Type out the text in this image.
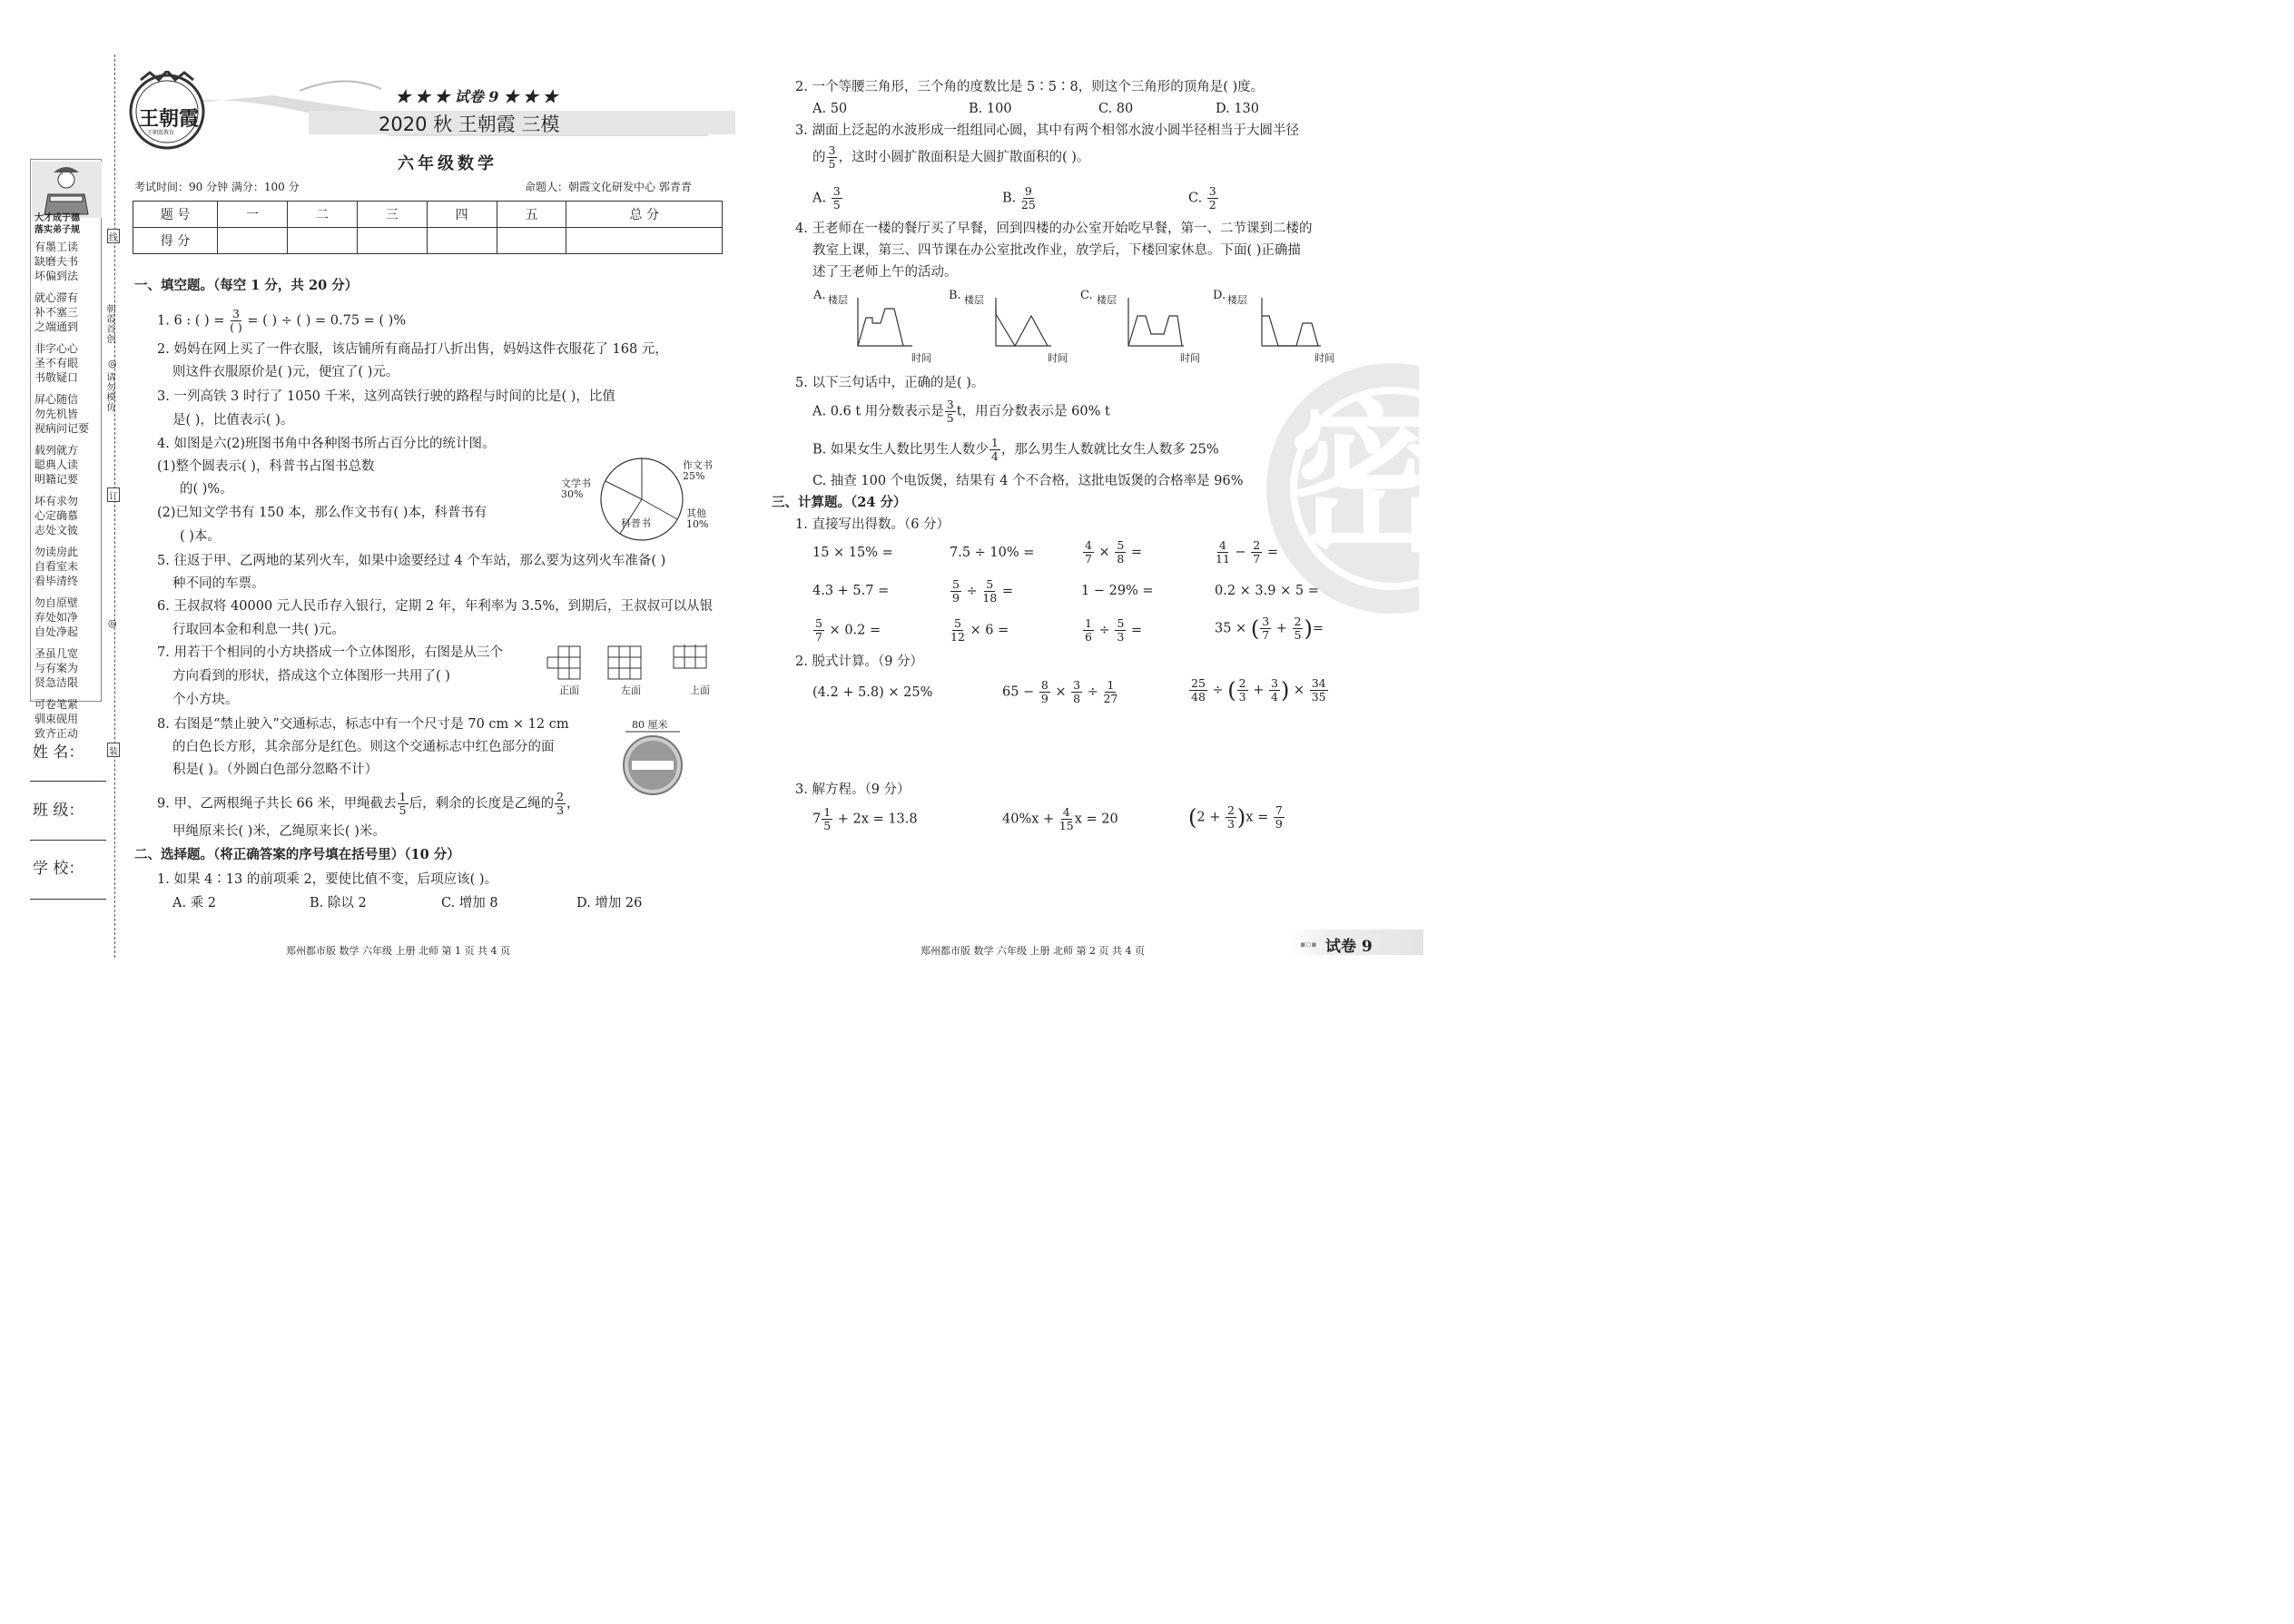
大才成于德
落实弟子规
有墨工读
缺磨夫书
坏偏到法
就心滞有
补不塞三
之端通到
非字心心
圣不有眼
书敬疑口
屏心随信
勿先机皆
视病问记要
载列就方
聪典人读
明籍记要
坏有求勿
心定确慕
志处文彼
勿读房此
自看室未
看毕清终
勿自原壁
弃处如净
自处净起
圣虽几宽
与有案为
贤急洁限
可卷笔紧
驯束砚用
致齐正动
线
订
装
朝霞首创
请勿模仿
◎
◎
姓 名：
班 级：
学 校：
王朝霞
王朝霞教育
★ ★ ★ 试卷 9 ★ ★ ★
2020 秋 王朝霞 三模
六年级数学
考试时间：90 分钟 满分：100 分	命题人：朝霞文化研发中心 郭青青
题 号	一	二	三	四	五	总 分
得 分						
一、填空题。（每空 1 分，共 20 分）
1. 6 : ( ) = $\frac{3}{( )}$ = ( ) ÷ ( ) = 0.75 = ( )%
2. 妈妈在网上买了一件衣服，该店铺所有商品打八折出售，妈妈这件衣服花了 168 元，
则这件衣服原价是( )元，便宜了( )元。
3. 一列高铁 3 时行了 1050 千米，这列高铁行驶的路程与时间的比是( )，比值
是( )，比值表示( )。
4. 如图是六(2)班图书角中各种图书所占百分比的统计图。
(1)整个圆表示( )，科普书占图书总数
的( )%。
(2)已知文学书有 150 本，那么作文书有( )本，科普书有
( )本。
作文书
25%
文学书
30%
科普书
其他
10%
5. 往返于甲、乙两地的某列火车，如果中途要经过 4 个车站，那么要为这列火车准备( )
种不同的车票。
6. 王叔叔将 40000 元人民币存入银行，定期 2 年，年利率为 3.5%，到期后，王叔叔可以从银
行取回本金和利息一共( )元。
7. 用若干个相同的小方块搭成一个立体图形，右图是从三个
方向看到的形状，搭成这个立体图形一共用了( )
个小方块。
正面	左面	上面
8. 右图是“禁止驶入”交通标志，标志中有一个尺寸是 70 cm × 12 cm
的白色长方形，其余部分是红色。则这个交通标志中红色部分的面
积是( )。（外圆白色部分忽略不计）
80 厘米
9. 甲、乙两根绳子共长 66 米，甲绳截去 $\frac{1}{5}$ 后，剩余的长度是乙绳的 $\frac{2}{3}$ ，
甲绳原来长( )米，乙绳原来长( )米。
二、选择题。（将正确答案的序号填在括号里）（10 分）
1. 如果 4∶13 的前项乘 2，要使比值不变，后项应该( )。
A. 乘 2	B. 除以 2	C. 增加 8	D. 增加 26
郑州都市版 数学 六年级 上册 北师 第 1 页 共 4 页
密
2. 一个等腰三角形，三个角的度数比是 5∶5∶8，则这个三角形的顶角是( )度。
A. 50	B. 100	C. 80	D. 130
3. 湖面上泛起的水波形成一组组同心圆，其中有两个相邻水波小圆半径相当于大圆半径
的 $\frac{3}{5}$ ，这时小圆扩散面积是大圆扩散面积的( )。
A. $\frac{3}{5}$	B. $\frac{9}{25}$	C. $\frac{3}{2}$
4. 王老师在一楼的餐厅买了早餐，回到四楼的办公室开始吃早餐，第一、二节课到二楼的
教室上课，第三、四节课在办公室批改作业，放学后，下楼回家休息。下面( )正确描
述了王老师上午的活动。
A.	B.	C.	D.
楼层	楼层	楼层	楼层
时间	时间	时间	时间
5. 以下三句话中，正确的是( )。
A. 0.6 t 用分数表示是 $\frac{3}{5}$ t，用百分数表示是 60% t
B. 如果女生人数比男生人数少 $\frac{1}{4}$ ，那么男生人数就比女生人数多 25%
C. 抽查 100 个电饭煲，结果有 4 个不合格，这批电饭煲的合格率是 96%
三、计算题。（24 分）
1. 直接写出得数。（6 分）
15 × 15% =	7.5 ÷ 10% =	$\frac{4}{7} \times \frac{5}{8}$ =	$\frac{4}{11} - \frac{2}{7}$ =
4.3 + 5.7 =	$\frac{5}{9} \div \frac{5}{18}$ =	1 − 29% =	0.2 × 3.9 × 5 =
$\frac{5}{7} \times 0.2$ =	$\frac{5}{12} \times 6$ =	$\frac{1}{6} \div \frac{5}{3}$ =	35 × ( $\frac{3}{7} + \frac{2}{5}$ )=
2. 脱式计算。（9 分）
(4.2 + 5.8) × 25%	$65 - \frac{8}{9} \times \frac{3}{8} \div \frac{1}{27}$	$\frac{25}{48}$ ÷ ( $\frac{2}{3} + \frac{3}{4}$ ) × $\frac{34}{35}$
3. 解方程。（9 分）
$7 \frac{1}{5} + 2x = 13.8$	$40\%x + \frac{4}{15}$ x = 20	$(2 + \frac{2}{3} )x = \frac{7}{9}$
郑州都市版 数学 六年级 上册 北师 第 2 页 共 4 页	▪▫▪ 试卷 9
